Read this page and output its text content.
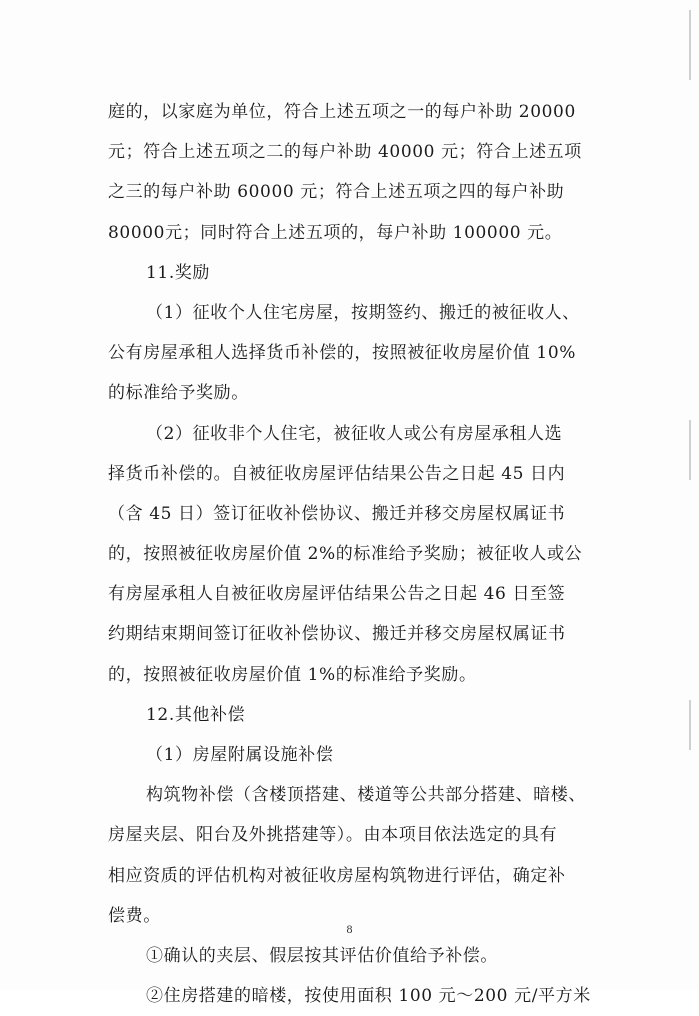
庭的，以家庭为单位，符合上述五项之一的每户补助 20000
元；符合上述五项之二的每户补助 40000 元；符合上述五项
之三的每户补助 60000 元；符合上述五项之四的每户补助
80000元；同时符合上述五项的，每户补助 100000 元。
11.奖励
（1）征收个人住宅房屋，按期签约、搬迁的被征收人、
公有房屋承租人选择货币补偿的，按照被征收房屋价值 10%
的标准给予奖励。
（2）征收非个人住宅，被征收人或公有房屋承租人选
择货币补偿的。自被征收房屋评估结果公告之日起 45 日内
（含 45 日）签订征收补偿协议、搬迁并移交房屋权属证书
的，按照被征收房屋价值 2%的标准给予奖励；被征收人或公
有房屋承租人自被征收房屋评估结果公告之日起 46 日至签
约期结束期间签订征收补偿协议、搬迁并移交房屋权属证书
的，按照被征收房屋价值 1%的标准给予奖励。
12.其他补偿
（1）房屋附属设施补偿
构筑物补偿（含楼顶搭建、楼道等公共部分搭建、暗楼、
房屋夹层、阳台及外挑搭建等）。由本项目依法选定的具有
相应资质的评估机构对被征收房屋构筑物进行评估，确定补
偿费。
①确认的夹层、假层按其评估价值给予补偿。
②住房搭建的暗楼，按使用面积 100 元～200 元/平方米
8
